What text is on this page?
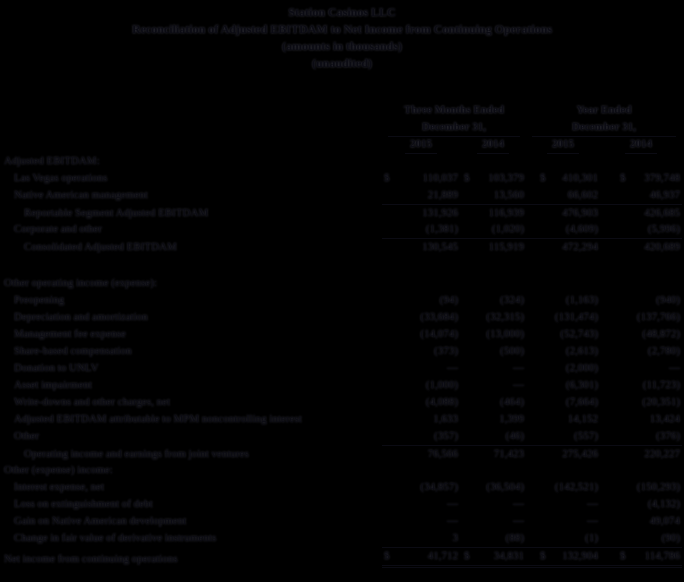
Station Casinos LLC
Reconciliation of Adjusted EBITDAM to Net Income from Continuing Operations
(amounts in thousands)
(unaudited)
Three Months Ended	Year Ended
December 31,	December 31,
2015	2014	2015	2014
Adjusted EBITDAM:
Las Vegas operations	$	110,037 $ 103,379	$ 410,301	$ 379,748
Native American management	21,889	13,560	66,602	46,937
Reportable Segment Adjusted EBITDAM	131,926	116,939	476,903	426,685
Corporate and other	(1,381)	(1,020)	(4,609)	(5,996)
Consolidated Adjusted EBITDAM	130,545	115,919	472,294	420,689
Other operating income (expense):
Preopening	(94)	(324)	(1,163)	(940)
Depreciation and amortization	(33,684)	(32,315)	(131,474)	(137,766)
Management fee expense	(14,074)	(13,000)	(52,743)	(48,872)
Share-based compensation	(373)	(500)	(2,613)	(2,780)
Donation to UNLV	—	—	(2,000)	—
Asset impairment	(1,000)	—	(6,301)	(11,723)
Write-downs and other charges, net	(4,088)	(464)	(7,664)	(20,351)
Adjusted EBITDAM attributable to MPM noncontrolling interest	1,633	1,399	14,152	13,424
Other	(357)	(46)	(557)	(376)
Operating income and earnings from joint ventures	76,566	71,423	275,426	220,227
Other (expense) income:
Interest expense, net	(34,857)	(36,504)	(142,521)	(150,293)
Loss on extinguishment of debt	—	—	—	(4,132)
Gain on Native American development	—	—	—	49,074
Change in fair value of derivative instruments	3	(88)	(1)	(90)
Net income from continuing operations	$	41,712 $ 34,831	$ 132,904	$ 114,786
